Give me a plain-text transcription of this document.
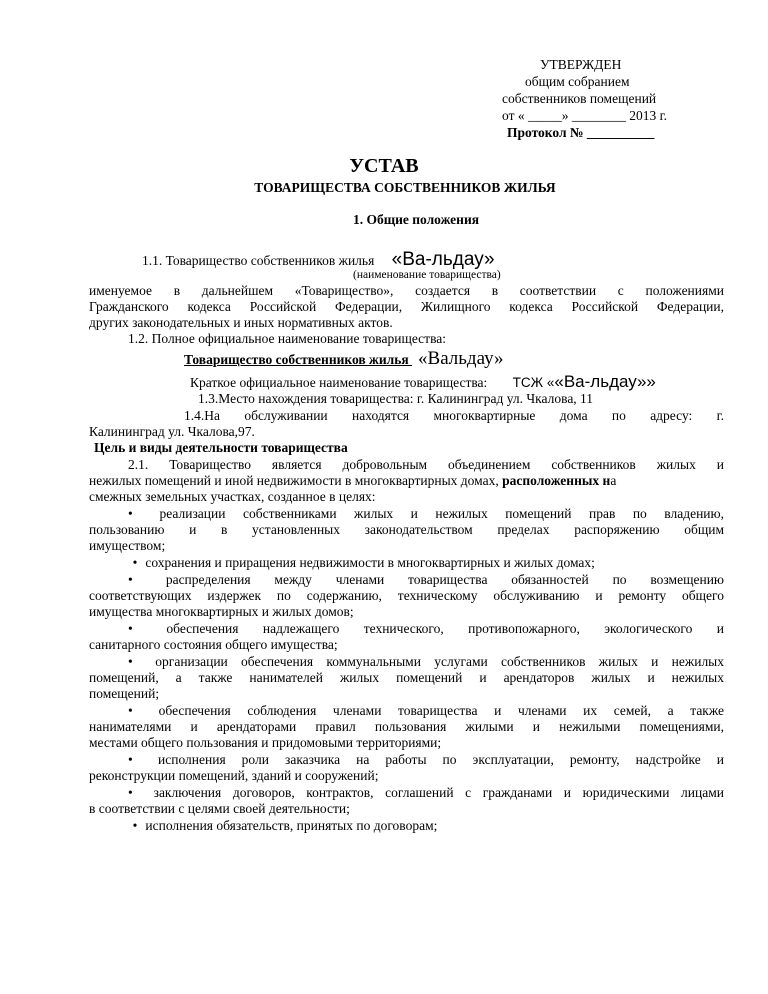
УТВЕРЖДЕН
общим собранием
собственников помещений
от « _____» ________ 2013 г.
Протокол № __________
УСТАВ
ТОВАРИЩЕСТВА СОБСТВЕННИКОВ ЖИЛЬЯ
1. Общие положения
1.1. Товарищество собственников жилья «Ва-льдау»
(наименование товарищества)
именуемое в дальнейшем «Товарищество», создается в соответствии с положениями
Гражданского кодекса Российской Федерации, Жилищного кодекса Российской Федерации,
других законодательных и иных нормативных актов.
1.2. Полное официальное наименование товарищества:
Товарищество собственников жилья «Вальдау»
Краткое официальное наименование товарищества: ТСЖ ««Ва-льдау»»
1.3.Место нахождения товарищества: г. Калининград ул. Чкалова, 11
1.4.На обслуживании находятся многоквартирные дома по адресу: г.
Калининград ул. Чкалова,97.
Цель и виды деятельности товарищества
2.1. Товарищество является добровольным объединением собственников жилых и
нежилых помещений и иной недвижимости в многоквартирных домах, расположенных на
смежных земельных участках, созданное в целях:
• реализации собственниками жилых и нежилых помещений прав по владению,
пользованию и в установленных законодательством пределах распоряжению общим
имуществом;
• сохранения и приращения недвижимости в многоквартирных и жилых домах;
• распределения между членами товарищества обязанностей по возмещению
соответствующих издержек по содержанию, техническому обслуживанию и ремонту общего
имущества многоквартирных и жилых домов;
• обеспечения надлежащего технического, противопожарного, экологического и
санитарного состояния общего имущества;
• организации обеспечения коммунальными услугами собственников жилых и нежилых
помещений, а также нанимателей жилых помещений и арендаторов жилых и нежилых
помещений;
• обеспечения соблюдения членами товарищества и членами их семей, а также
нанимателями и арендаторами правил пользования жилыми и нежилыми помещениями,
местами общего пользования и придомовыми территориями;
• исполнения роли заказчика на работы по эксплуатации, ремонту, надстройке и
реконструкции помещений, зданий и сооружений;
• заключения договоров, контрактов, соглашений с гражданами и юридическими лицами
в соответствии с целями своей деятельности;
• исполнения обязательств, принятых по договорам;
